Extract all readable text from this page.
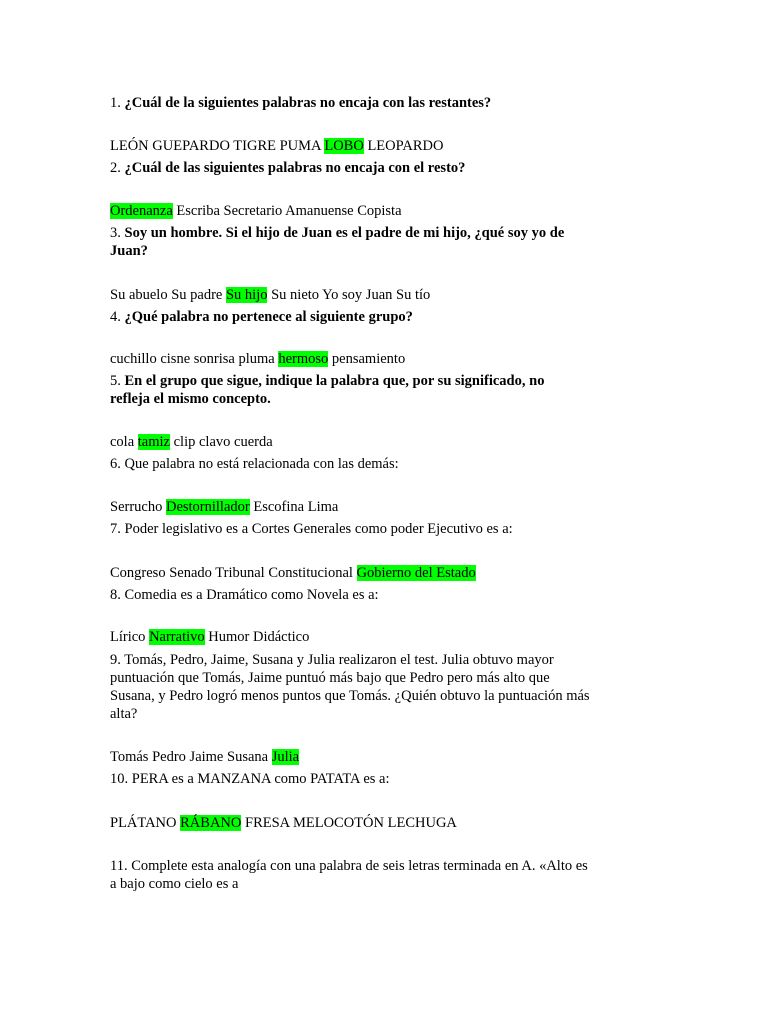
1. ¿Cuál de la siguientes palabras no encaja con las restantes?
LEÓN GUEPARDO TIGRE PUMA LOBO LEOPARDO
2. ¿Cuál de las siguientes palabras no encaja con el resto?
Ordenanza Escriba Secretario Amanuense Copista
3. Soy un hombre. Si el hijo de Juan es el padre de mi hijo, ¿qué soy yo de Juan?
Su abuelo Su padre Su hijo Su nieto Yo soy Juan Su tío
4. ¿Qué palabra no pertenece al siguiente grupo?
cuchillo cisne sonrisa pluma hermoso pensamiento
5. En el grupo que sigue, indique la palabra que, por su significado, no refleja el mismo concepto.
cola tamiz clip clavo cuerda
6. Que palabra no está relacionada con las demás:
Serrucho Destornillador Escofina Lima
7. Poder legislativo es a Cortes Generales como poder Ejecutivo es a:
Congreso Senado Tribunal Constitucional Gobierno del Estado
8. Comedia es a Dramático como Novela es a:
Lírico Narrativo Humor Didáctico
9. Tomás, Pedro, Jaime, Susana y Julia realizaron el test. Julia obtuvo mayor puntuación que Tomás, Jaime puntuó más bajo que Pedro pero más alto que Susana, y Pedro logró menos puntos que Tomás. ¿Quién obtuvo la puntuación más alta?
Tomás Pedro Jaime Susana Julia
10. PERA es a MANZANA como PATATA es a:
PLÁTANO RÁBANO FRESA MELOCOTÓN LECHUGA
11. Complete esta analogía con una palabra de seis letras terminada en A. «Alto es a bajo como cielo es a
